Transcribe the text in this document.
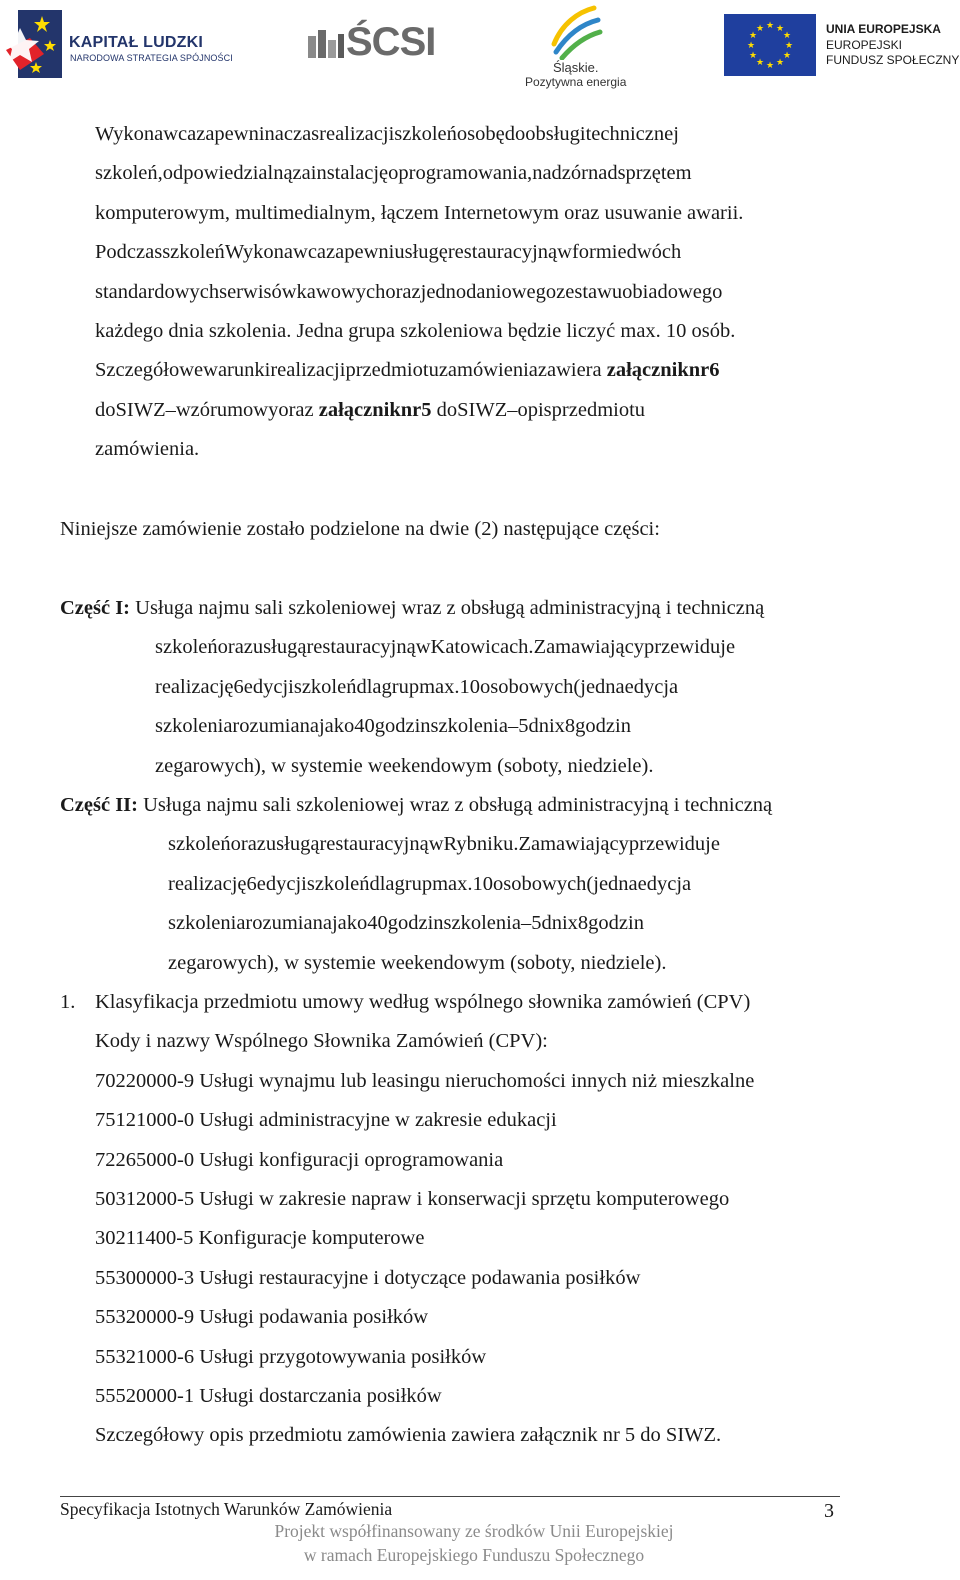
KAPITAŁ LUDZKI
NARODOWA STRATEGIA SPÓJNOŚCI	ŚCSI
Śląskie.
Pozytywna energia
★ ★
★
★
★
★
★
★
★
★
★
★	UNIA EUROPEJSKA
EUROPEJSKI
FUNDUSZ SPOŁECZNY
Wykonawcazapewninaczasrealizacjiszkoleńosobędoobsługitechnicznej
szkoleń,odpowiedzialnązainstalacjęoprogramowania,nadzórnadsprzętem
komputerowym, multimedialnym, łączem Internetowym oraz usuwanie awarii.
PodczasszkoleńWykonawcazapewniusługęrestauracyjnąwformiedwóch
standardowychserwisówkawowychorazjednodaniowegozestawuobiadowego
każdego dnia szkolenia. Jedna grupa szkoleniowa będzie liczyć max. 10 osób.
Szczegółowewarunkirealizacjiprzedmiotuzamówieniazawiera załączniknr6
doSIWZ–wzórumowyoraz załączniknr5 doSIWZ–opisprzedmiotu
zamówienia.
Niniejsze zamówienie zostało podzielone na dwie (2) następujące części:
Część I: Usługa najmu sali szkoleniowej wraz z obsługą administracyjną i techniczną
szkoleńorazusługąrestauracyjnąwKatowicach.Zamawiającyprzewiduje
realizację6edycjiszkoleńdlagrupmax.10osobowych(jednaedycja
szkoleniarozumianajako40godzinszkolenia–5dnix8godzin
zegarowych), w systemie weekendowym (soboty, niedziele).
Część II: Usługa najmu sali szkoleniowej wraz z obsługą administracyjną i techniczną
szkoleńorazusługąrestauracyjnąwRybniku.Zamawiającyprzewiduje
realizację6edycjiszkoleńdlagrupmax.10osobowych(jednaedycja
szkoleniarozumianajako40godzinszkolenia–5dnix8godzin
zegarowych), w systemie weekendowym (soboty, niedziele).
1. Klasyfikacja przedmiotu umowy według wspólnego słownika zamówień (CPV)
Kody i nazwy Wspólnego Słownika Zamówień (CPV):
70220000-9 Usługi wynajmu lub leasingu nieruchomości innych niż mieszkalne
75121000-0 Usługi administracyjne w zakresie edukacji
72265000-0 Usługi konfiguracji oprogramowania
50312000-5 Usługi w zakresie napraw i konserwacji sprzętu komputerowego
30211400-5 Konfiguracje komputerowe
55300000-3 Usługi restauracyjne i dotyczące podawania posiłków
55320000-9 Usługi podawania posiłków
55321000-6 Usługi przygotowywania posiłków
55520000-1 Usługi dostarczania posiłków
Szczegółowy opis przedmiotu zamówienia zawiera załącznik nr 5 do SIWZ.
Specyfikacja Istotnych Warunków Zamówienia	3
Projekt współfinansowany ze środków Unii Europejskiej
w ramach Europejskiego Funduszu Społecznego
